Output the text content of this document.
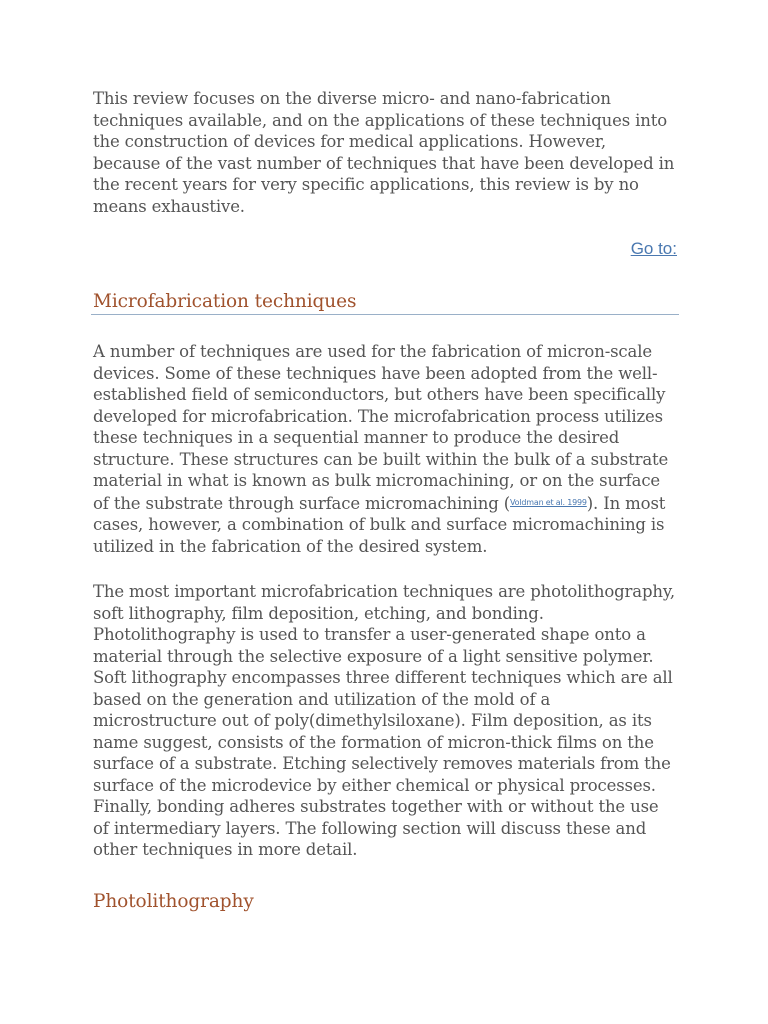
This review focuses on the diverse micro- and nano-fabrication techniques available, and on the applications of these techniques into the construction of devices for medical applications. However, because of the vast number of techniques that have been developed in the recent years for very specific applications, this review is by no means exhaustive.

Go to:
Microfabrication techniques

A number of techniques are used for the fabrication of micron-scale devices. Some of these techniques have been adopted from the well-established field of semiconductors, but others have been specifically developed for microfabrication. The microfabrication process utilizes these techniques in a sequential manner to produce the desired structure. These structures can be built within the bulk of a substrate material in what is known as bulk micromachining, or on the surface of the substrate through surface micromachining ($^{Voldman et al. 1999}$). In most cases, however, a combination of bulk and surface micromachining is utilized in the fabrication of the desired system.

The most important microfabrication techniques are photolithography, soft lithography, film deposition, etching, and bonding. Photolithography is used to transfer a user-generated shape onto a material through the selective exposure of a light sensitive polymer. Soft lithography encompasses three different techniques which are all based on the generation and utilization of the mold of a microstructure out of poly(dimethylsiloxane). Film deposition, as its name suggest, consists of the formation of micron-thick films on the surface of a substrate. Etching selectively removes materials from the surface of the microdevice by either chemical or physical processes. Finally, bonding adheres substrates together with or without the use of intermediary layers. The following section will discuss these and other techniques in more detail.

Photolithography
